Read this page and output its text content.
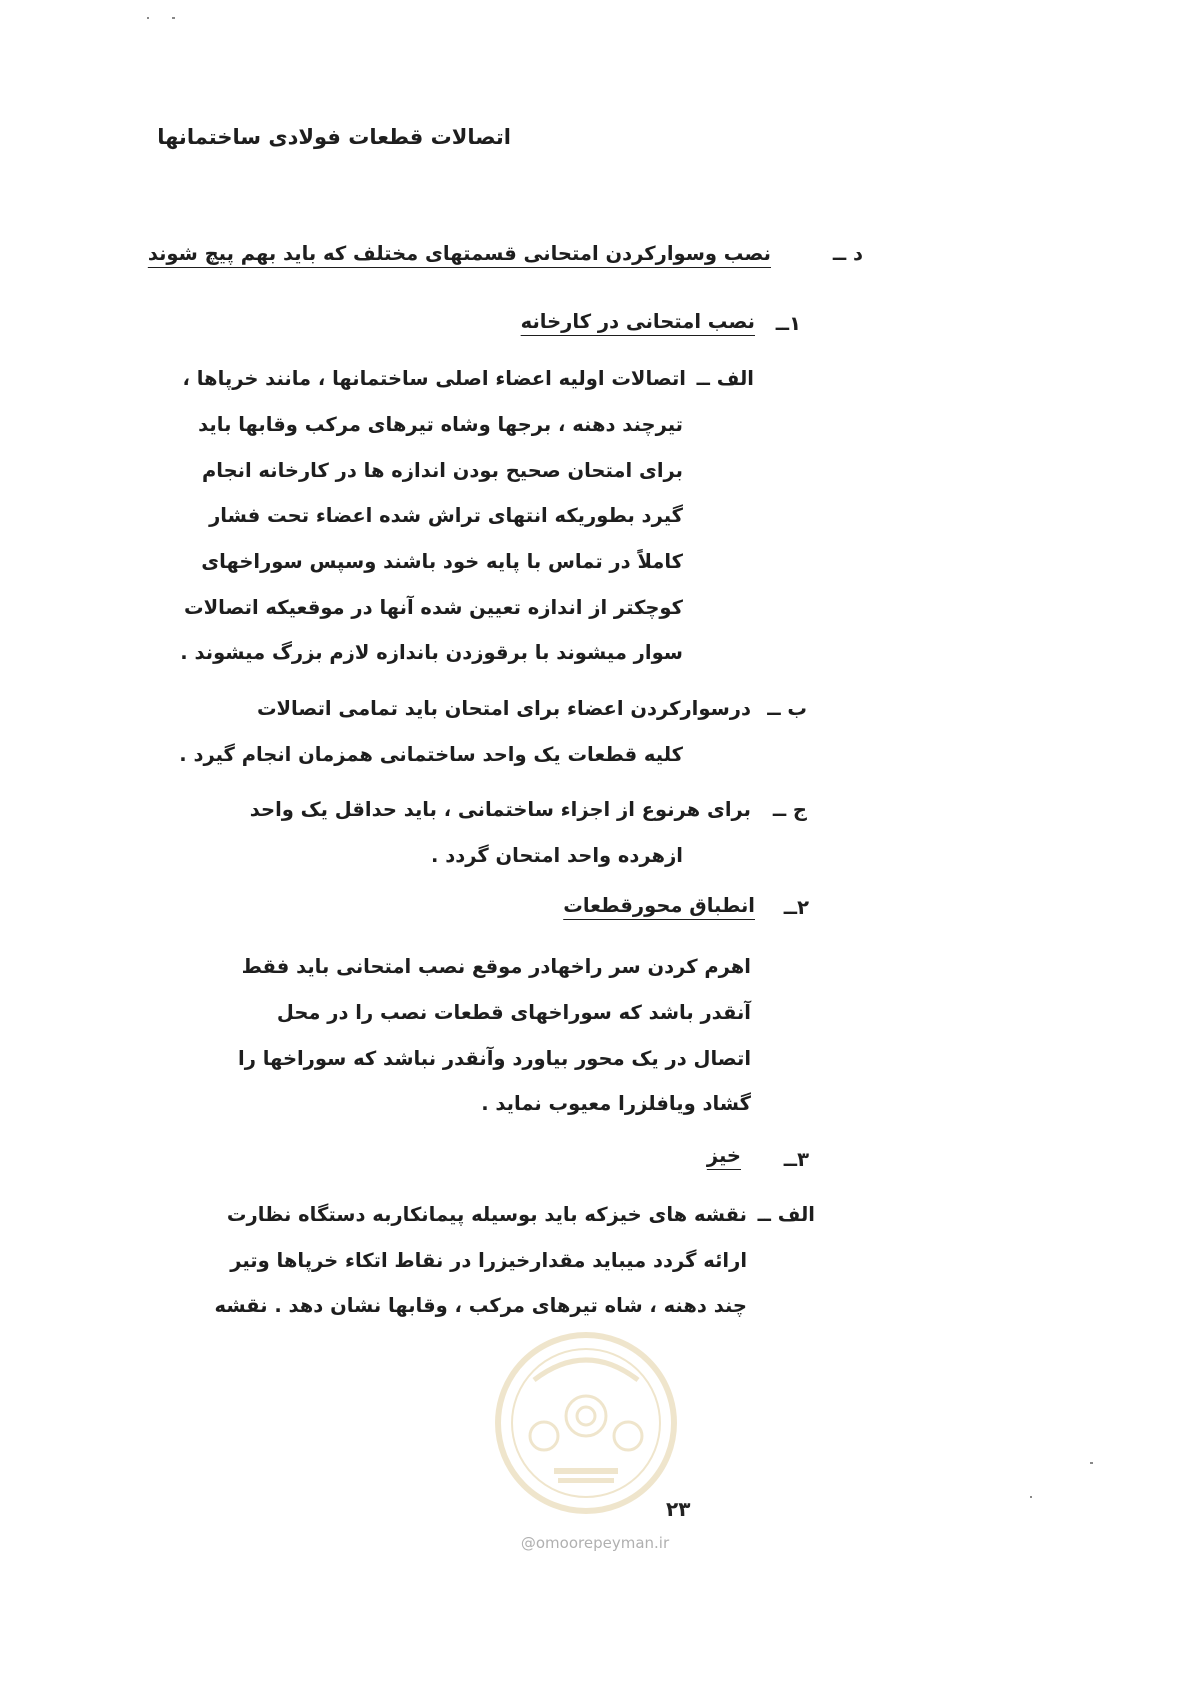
اتصالات قطعات فولادی ساختمانها
د ــ
نصب وسوارکردن امتحانی قسمتهای مختلف که باید بهم پیچ شوند
۱ــ
نصب امتحانی در کارخانه
الف ــ
اتصالات اولیه اعضاء اصلی ساختمانها ، مانند خرپاها ،
تیرچند دهنه ، برجها وشاه تیرهای مرکب وقابها باید
برای امتحان صحیح بودن اندازه ها در کارخانه انجام
گیرد بطوریکه انتهای تراش شده اعضاء تحت فشار
کاملاً در تماس با پایه خود باشند وسپس سوراخهای
کوچکتر از اندازه تعیین شده آنها در موقعیکه اتصالات
سوار میشوند با برقوزدن باندازه لازم بزرگ میشوند .
ب ــ
درسوارکردن اعضاء برای امتحان باید تمامی اتصالات
کلیه قطعات یک واحد ساختمانی همزمان انجام گیرد .
ج ــ
برای هرنوع از اجزاء ساختمانی ، باید حداقل یک واحد
ازهرده واحد امتحان گردد .
۲ــ
انطباق محورقطعات
اهرم کردن سر راخهادر موقع نصب امتحانی باید فقط
آنقدر باشد که سوراخهای قطعات نصب را در محل
اتصال در یک محور بیاورد وآنقدر نباشد که سوراخها را
گشاد ویافلزرا معیوب نماید .
۳ــ
خیز
الف ــ
نقشه های خیزکه باید بوسیله پیمانکاربه دستگاه نظارت
ارائه گردد میباید مقدارخیزرا در نقاط اتکاء خرپاها وتیر
چند دهنه ، شاه تیرهای مرکب ، وقابها نشان دهد . نقشه
@omoorepeyman.ir
۲۳
